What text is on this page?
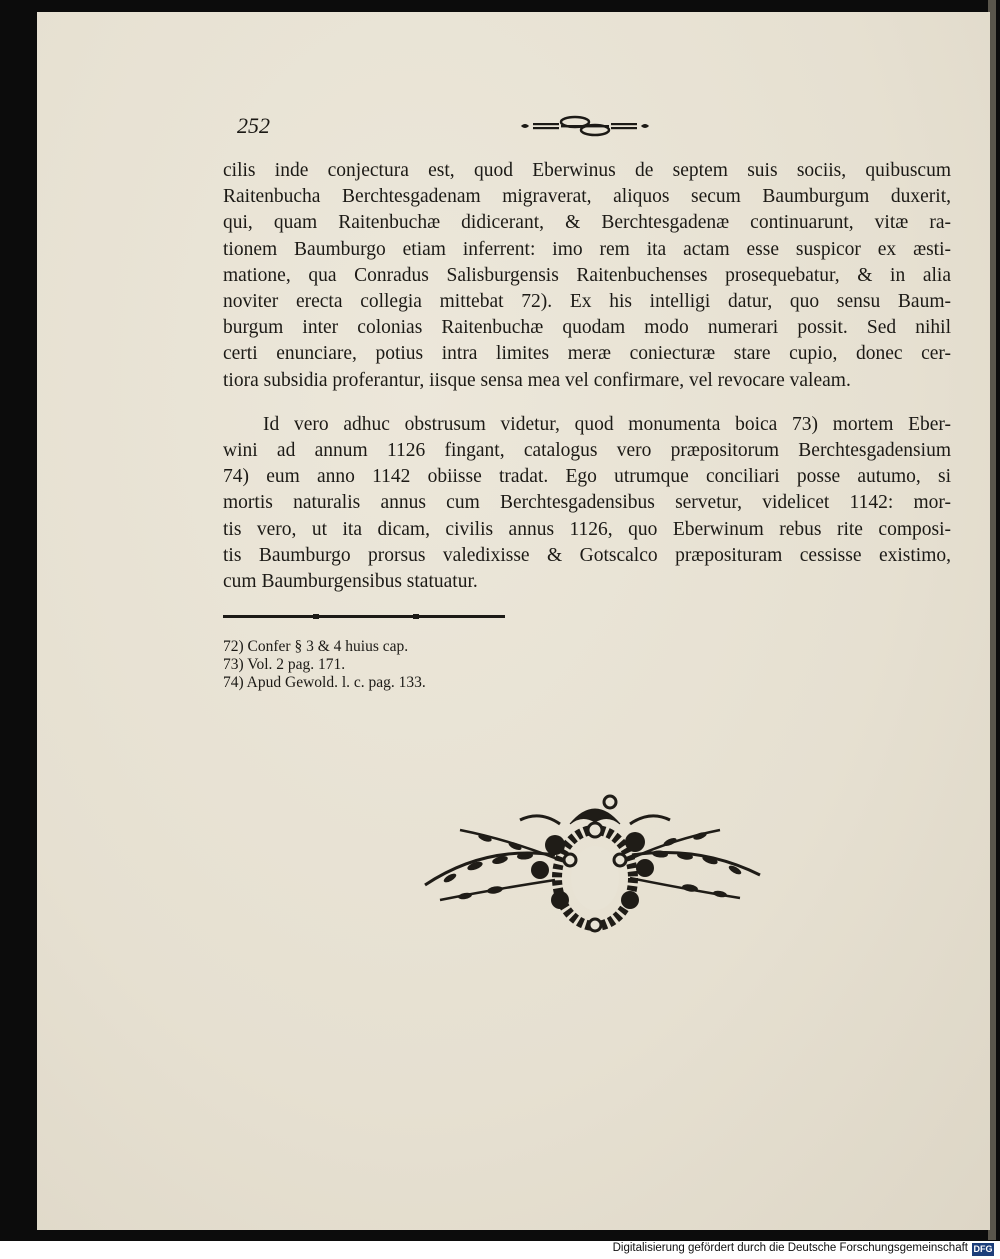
252
cilis inde conjectura est, quod Eberwinus de septem suis sociis, quibuscum
Raitenbucha Berchtesgadenam migraverat, aliquos secum Baumburgum duxerit,
qui, quam Raitenbuchæ didicerant, & Berchtesgadenæ continuarunt, vitæ ra-
tionem Baumburgo etiam inferrent: imo rem ita actam esse suspicor ex æsti-
matione, qua Conradus Salisburgensis Raitenbuchenses prosequebatur, & in alia
noviter erecta collegia mittebat 72). Ex his intelligi datur, quo sensu Baum-
burgum inter colonias Raitenbuchæ quodam modo numerari possit. Sed nihil
certi enunciare, potius intra limites meræ coniecturæ stare cupio, donec cer-
tiora subsidia proferantur, iisque sensa mea vel confirmare, vel revocare valeam.
Id vero adhuc obstrusum videtur, quod monumenta boica 73) mortem Eber-
wini ad annum 1126 fingant, catalogus vero præpositorum Berchtesgadensium
74) eum anno 1142 obiisse tradat. Ego utrumque conciliari posse autumo, si
mortis naturalis annus cum Berchtesgadensibus servetur, videlicet 1142: mor-
tis vero, ut ita dicam, civilis annus 1126, quo Eberwinum rebus rite composi-
tis Baumburgo prorsus valedixisse & Gotscalco præposituram cessisse existimo,
cum Baumburgensibus statuatur.
72) Confer § 3 & 4 huius cap.
73) Vol. 2 pag. 171.
74) Apud Gewold. l. c. pag. 133.
Digitalisierung gefördert durch die Deutsche Forschungsgemeinschaft DFG
